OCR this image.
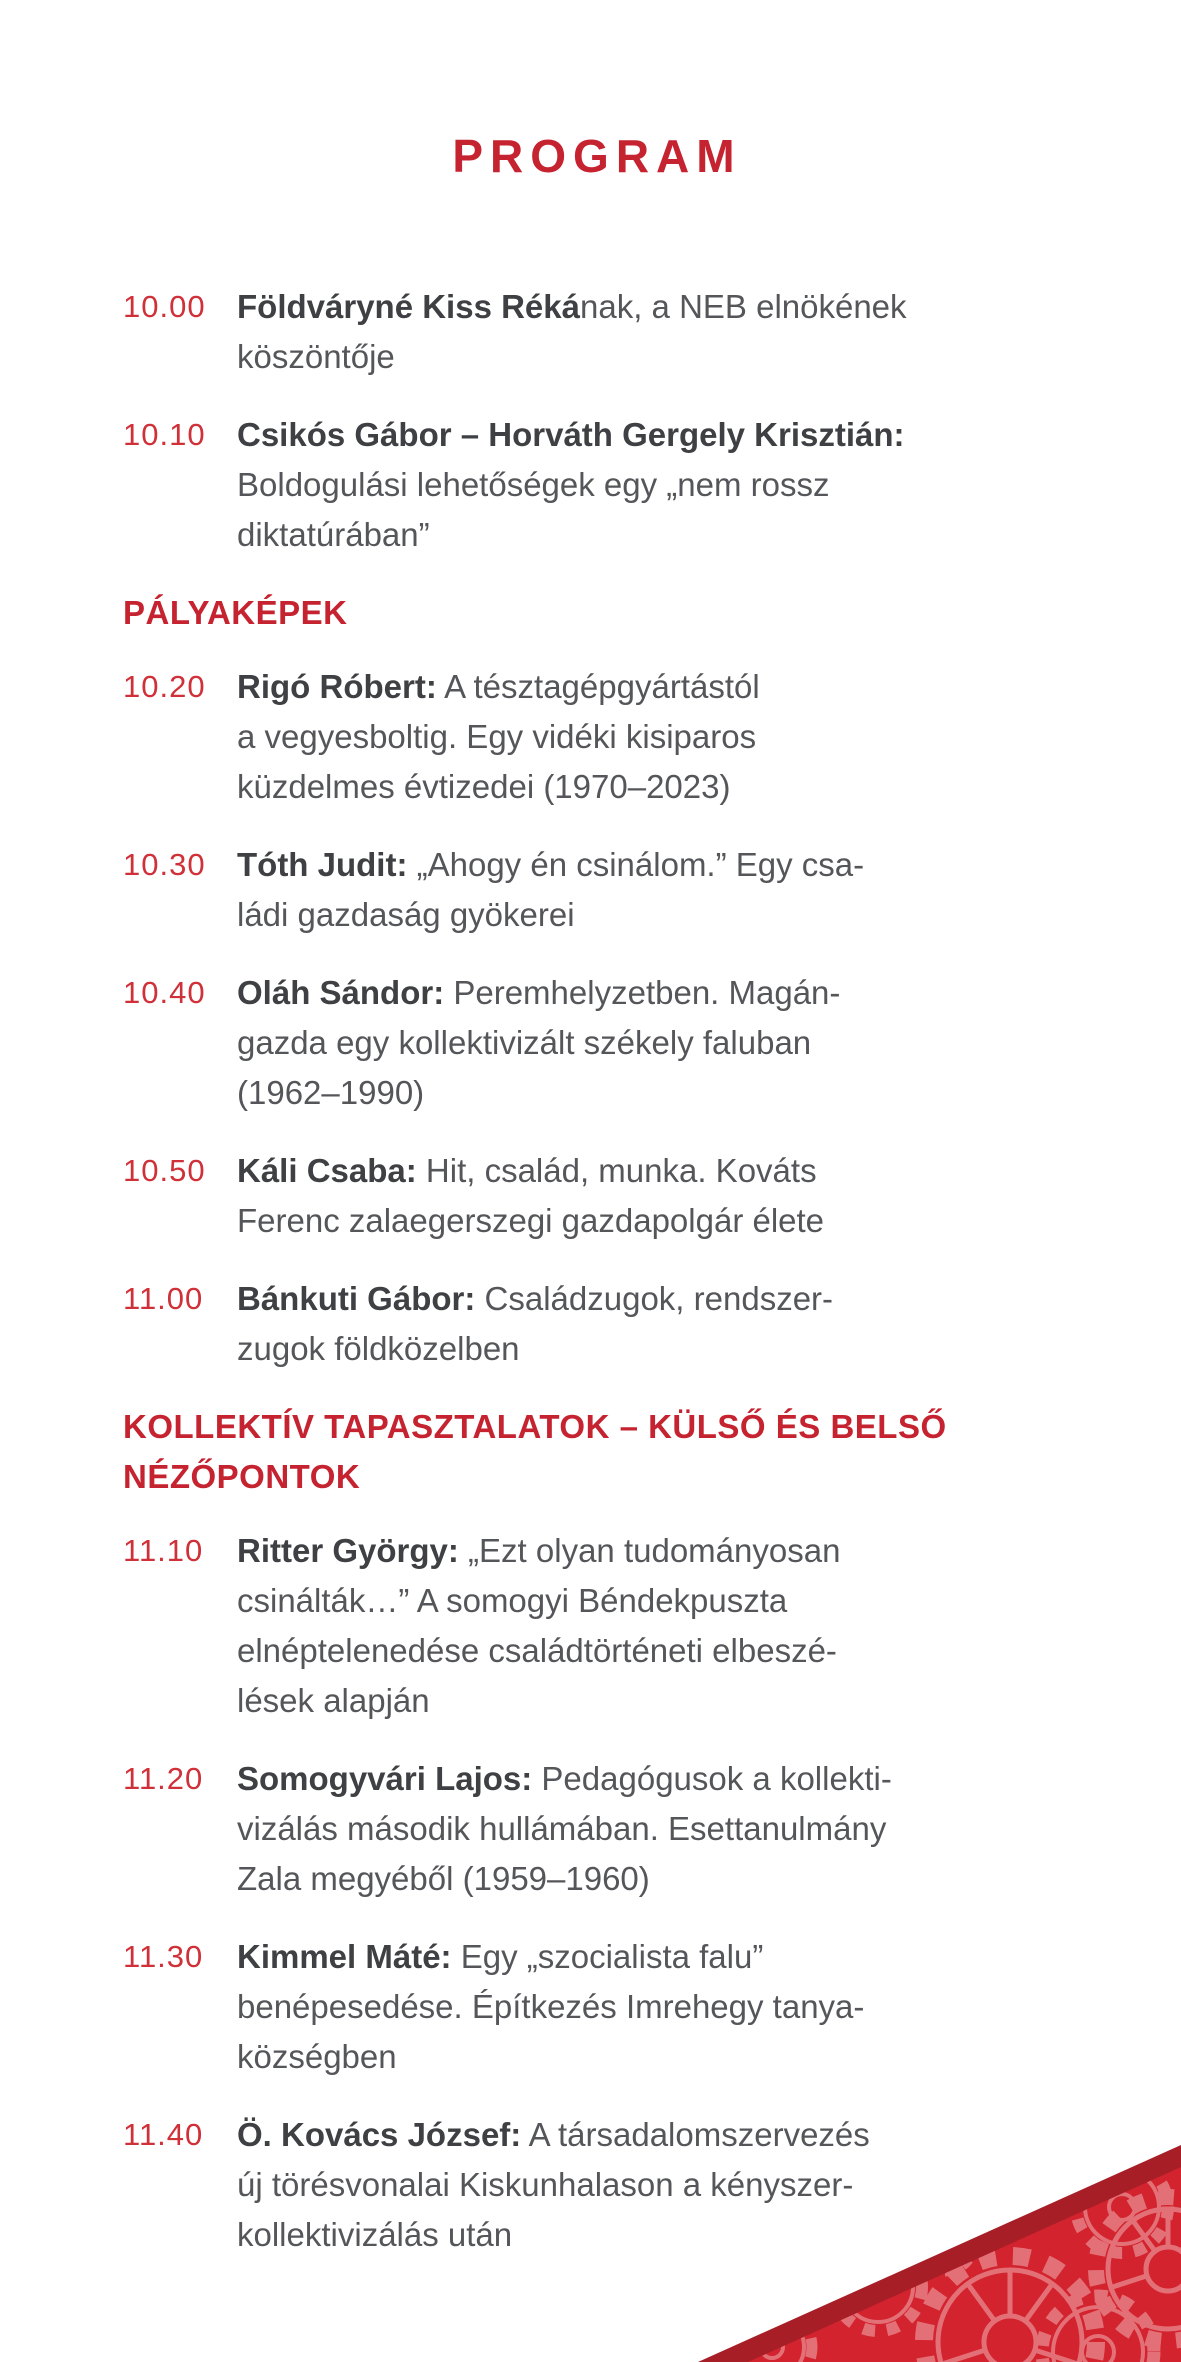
PROGRAM
10.00 Földváryné Kiss Rékának, a NEB elnökének
köszöntője
10.10 Csikós Gábor – Horváth Gergely Krisztián:
Boldogulási lehetőségek egy „nem rossz
diktatúrában”
PÁLYAKÉPEK
10.20 Rigó Róbert: A tésztagépgyártástól
a vegyesboltig. Egy vidéki kisiparos
küzdelmes évtizedei (1970–2023)
10.30 Tóth Judit: „Ahogy én csinálom.” Egy csa-
ládi gazdaság gyökerei
10.40 Oláh Sándor: Peremhelyzetben. Magán-
gazda egy kollektivizált székely faluban
(1962–1990)
10.50 Káli Csaba: Hit, család, munka. Kováts
Ferenc zalaegerszegi gazdapolgár élete
11.00	Bánkuti Gábor: Családzugok, rendszer-
zugok földközelben
KOLLEKTÍV TAPASZTALATOK – KÜLSŐ ÉS BELSŐ
NÉZŐPONTOK
11.10	Ritter György: „Ezt olyan tudományosan
csinálták…” A somogyi Béndekpuszta
elnéptelenedése családtörténeti elbeszé-
lések alapján
11.20	Somogyvári Lajos: Pedagógusok a kollekti-
vizálás második hullámában. Esettanulmány
Zala megyéből (1959–1960)
11.30	Kimmel Máté: Egy „szocialista falu”
benépesedése. Építkezés Imrehegy tanya-
községben
11.40	Ö. Kovács József: A társadalomszervezés
új törésvonalai Kiskunhalason a kényszer-
kollektivizálás után
